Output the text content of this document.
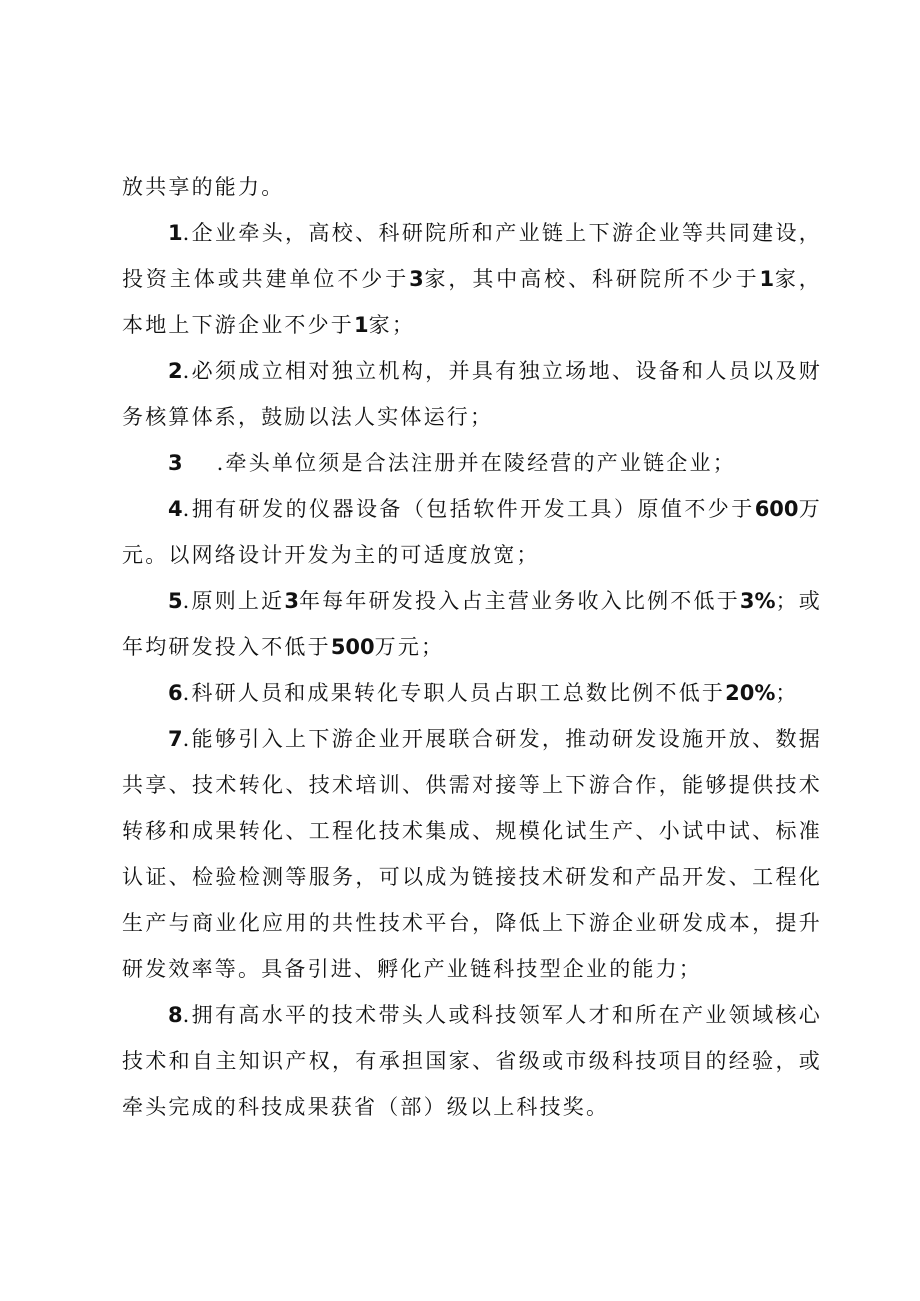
放共享的能力。

1.企业牵头，高校、科研院所和产业链上下游企业等共同建设，投资主体或共建单位不少于3家，其中高校、科研院所不少于1家，本地上下游企业不少于1家；

2.必须成立相对独立机构，并具有独立场地、设备和人员以及财务核算体系，鼓励以法人实体运行；

3 .牵头单位须是合法注册并在陵经营的产业链企业；

4.拥有研发的仪器设备（包括软件开发工具）原值不少于600万元。以网络设计开发为主的可适度放宽；

5.原则上近3年每年研发投入占主营业务收入比例不低于3%；或年均研发投入不低于500万元；

6.科研人员和成果转化专职人员占职工总数比例不低于20%；

7.能够引入上下游企业开展联合研发，推动研发设施开放、数据共享、技术转化、技术培训、供需对接等上下游合作，能够提供技术转移和成果转化、工程化技术集成、规模化试生产、小试中试、标准认证、检验检测等服务，可以成为链接技术研发和产品开发、工程化生产与商业化应用的共性技术平台，降低上下游企业研发成本，提升研发效率等。具备引进、孵化产业链科技型企业的能力；

8.拥有高水平的技术带头人或科技领军人才和所在产业领域核心技术和自主知识产权，有承担国家、省级或市级科技项目的经验，或牵头完成的科技成果获省（部）级以上科技奖。
